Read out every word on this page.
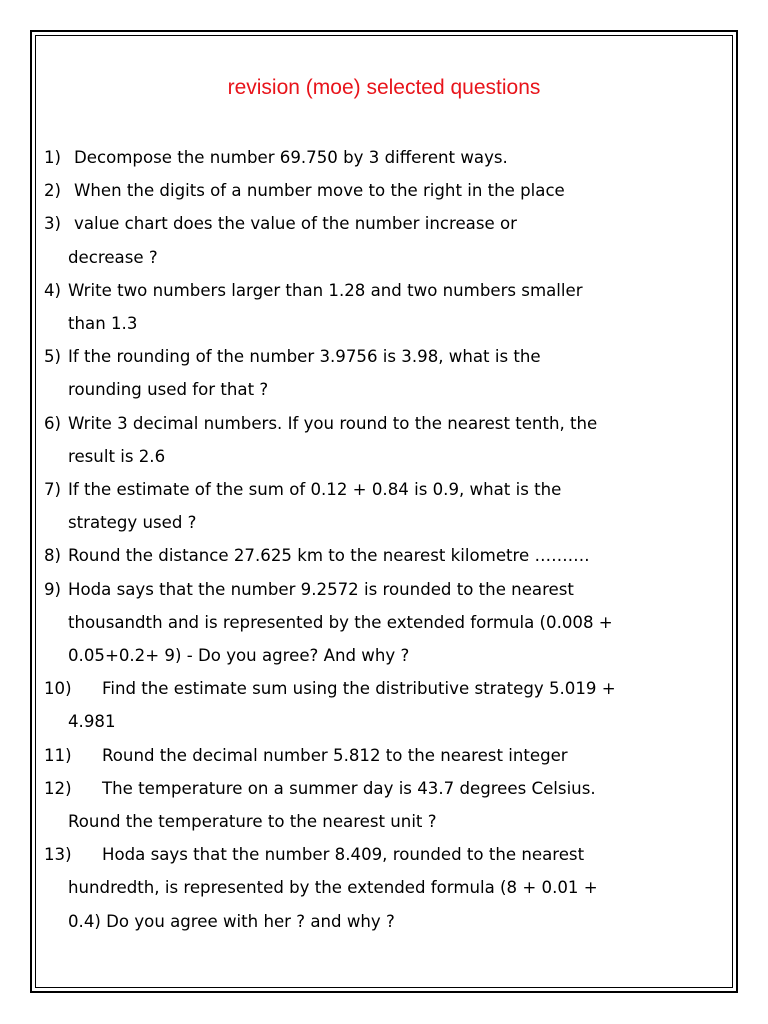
revision (moe) selected questions
1) Decompose the number 69.750 by 3 different ways.
2) When the digits of a number move to the right in the place
3) value chart does the value of the number increase or
decrease ?
4) Write two numbers larger than 1.28 and two numbers smaller
than 1.3
5) If the rounding of the number 3.9756 is 3.98, what is the
rounding used for that ?
6) Write 3 decimal numbers. If you round to the nearest tenth, the
result is 2.6
7) If the estimate of the sum of 0.12 + 0.84 is 0.9, what is the
strategy used ?
8) Round the distance 27.625 km to the nearest kilometre ……….
9) Hoda says that the number 9.2572 is rounded to the nearest
thousandth and is represented by the extended formula (0.008 +
0.05+0.2+ 9) - Do you agree? And why ?
10)	Find the estimate sum using the distributive strategy 5.019 +
4.981
11)	Round the decimal number 5.812 to the nearest integer
12)	The temperature on a summer day is 43.7 degrees Celsius.
Round the temperature to the nearest unit ?
13)	Hoda says that the number 8.409, rounded to the nearest
hundredth, is represented by the extended formula (8 + 0.01 +
0.4) Do you agree with her ? and why ?
